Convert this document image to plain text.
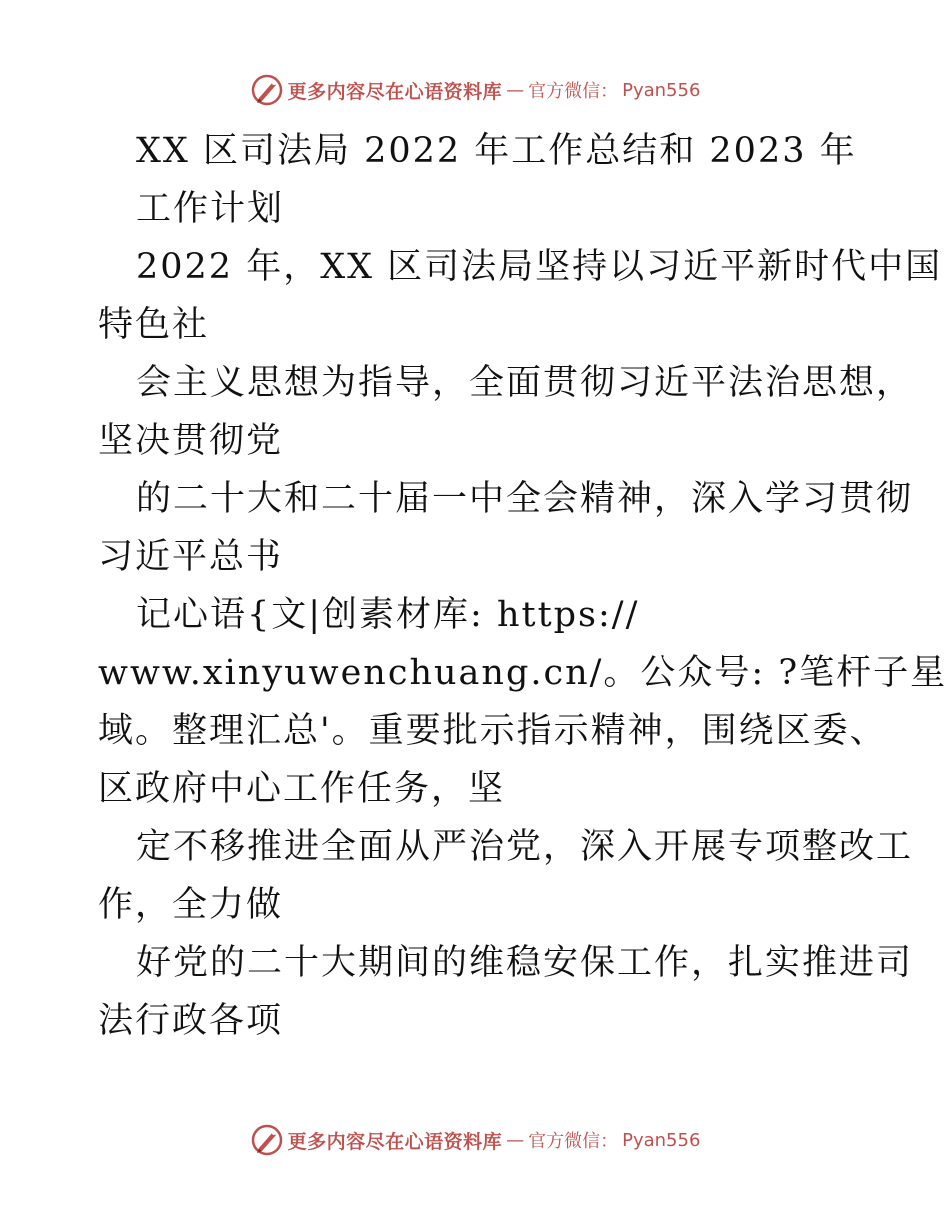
更多内容尽在心语资料库 — 官方微信： Pyan556
XX 区司法局 2022 年工作总结和 2023 年
工作计划
2022 年，XX 区司法局坚持以习近平新时代中国
特色社
会主义思想为指导，全面贯彻习近平法治思想，
坚决贯彻党
的二十大和二十届一中全会精神，深入学习贯彻
习近平总书
记心语{文|创素材库: https://
www.xinyuwenchuang.cn/。公众号: ?笔杆子星
域。整理汇总'。重要批示指示精神，围绕区委、
区政府中心工作任务，坚
定不移推进全面从严治党，深入开展专项整改工
作，全力做
好党的二十大期间的维稳安保工作，扎实推进司
法行政各项
更多内容尽在心语资料库 — 官方微信： Pyan556
